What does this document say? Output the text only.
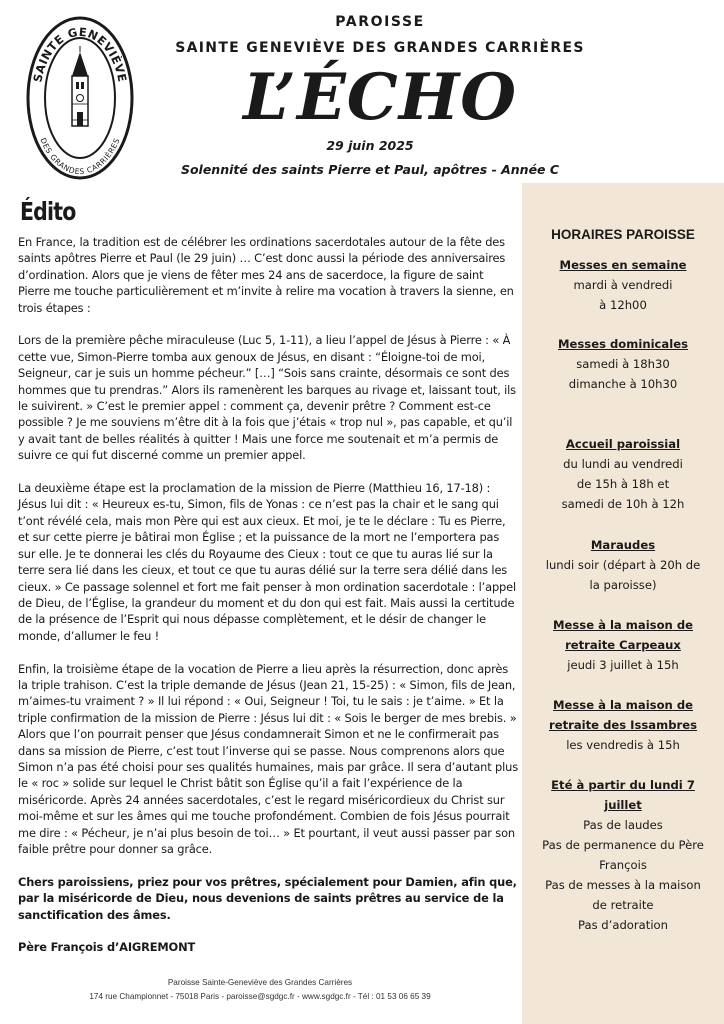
SAINTE GENEVIÈVE
DES GRANDES CARRIÈRES
PAROISSE
SAINTE GENEVIÈVE DES GRANDES CARRIÈRES
L’ÉCHO
29 juin 2025
Solennité des saints Pierre et Paul, apôtres - Année C
Édito

En France, la tradition est de célébrer les ordinations sacerdotales autour de la fête des saints apôtres Pierre et Paul (le 29 juin) … C’est donc aussi la période des anniversaires d’ordination. Alors que je viens de fêter mes 24 ans de sacerdoce, la figure de saint Pierre me touche particulièrement et m’invite à relire ma vocation à travers la sienne, en trois étapes :

Lors de la première pêche miraculeuse (Luc 5, 1-11), a lieu l’appel de Jésus à Pierre : « À cette vue, Simon-Pierre tomba aux genoux de Jésus, en disant : “Éloigne-toi de moi, Seigneur, car je suis un homme pécheur.” […] “Sois sans crainte, désormais ce sont des hommes que tu prendras.” Alors ils ramenèrent les barques au rivage et, laissant tout, ils le suivirent. » C’est le premier appel : comment ça, devenir prêtre ? Comment est-ce possible ? Je me souviens m’être dit à la fois que j’étais « trop nul », pas capable, et qu’il y avait tant de belles réalités à quitter ! Mais une force me soutenait et m’a permis de suivre ce qui fut discerné comme un premier appel.

La deuxième étape est la proclamation de la mission de Pierre (Matthieu 16, 17-18) : Jésus lui dit : « Heureux es-tu, Simon, fils de Yonas : ce n’est pas la chair et le sang qui t’ont révélé cela, mais mon Père qui est aux cieux. Et moi, je te le déclare : Tu es Pierre, et sur cette pierre je bâtirai mon Église ; et la puissance de la mort ne l’emportera pas sur elle. Je te donnerai les clés du Royaume des Cieux : tout ce que tu auras lié sur la terre sera lié dans les cieux, et tout ce que tu auras délié sur la terre sera délié dans les cieux. » Ce passage solennel et fort me fait penser à mon ordination sacerdotale : l’appel de Dieu, de l’Église, la grandeur du moment et du don qui est fait. Mais aussi la certitude de la présence de l’Esprit qui nous dépasse complètement, et le désir de changer le monde, d’allumer le feu !

Enfin, la troisième étape de la vocation de Pierre a lieu après la résurrection, donc après la triple trahison. C’est la triple demande de Jésus (Jean 21, 15-25) : « Simon, fils de Jean, m’aimes-tu vraiment ? » Il lui répond : « Oui, Seigneur ! Toi, tu le sais : je t’aime. » Et la triple confirmation de la mission de Pierre : Jésus lui dit : « Sois le berger de mes brebis. » Alors que l’on pourrait penser que Jésus condamnerait Simon et ne le confirmerait pas dans sa mission de Pierre, c’est tout l’inverse qui se passe. Nous comprenons alors que Simon n’a pas été choisi pour ses qualités humaines, mais par grâce. Il sera d’autant plus le « roc » solide sur lequel le Christ bâtit son Église qu’il a fait l’expérience de la miséricorde. Après 24 années sacerdotales, c’est le regard miséricordieux du Christ sur moi-même et sur les âmes qui me touche profondément. Combien de fois Jésus pourrait me dire : « Pécheur, je n’ai plus besoin de toi… » Et pourtant, il veut aussi passer par son faible prêtre pour donner sa grâce.

Chers paroissiens, priez pour vos prêtres, spécialement pour Damien, afin que, par la miséricorde de Dieu, nous devenions de saints prêtres au service de la sanctification des âmes.

Père François d’AIGREMONT

HORAIRES PAROISSE
Messes en semaine
mardi à vendredi
à 12h00
Messes dominicales
samedi à 18h30
dimanche à 10h30
Accueil paroissial
du lundi au vendredi
de 15h à 18h et
samedi de 10h à 12h
Maraudes
lundi soir (départ à 20h de
la paroisse)
Messe à la maison de
retraite Carpeaux
jeudi 3 juillet à 15h
Messe à la maison de
retraite des Issambres
les vendredis à 15h
Eté à partir du lundi 7
juillet
Pas de laudes
Pas de permanence du Père
François
Pas de messes à la maison
de retraite
Pas d’adoration
Paroisse Sainte-Geneviève des Grandes Carrières
174 rue Championnet - 75018 Paris - paroisse@sgdgc.fr - www.sgdgc.fr - Tél : 01 53 06 65 39
